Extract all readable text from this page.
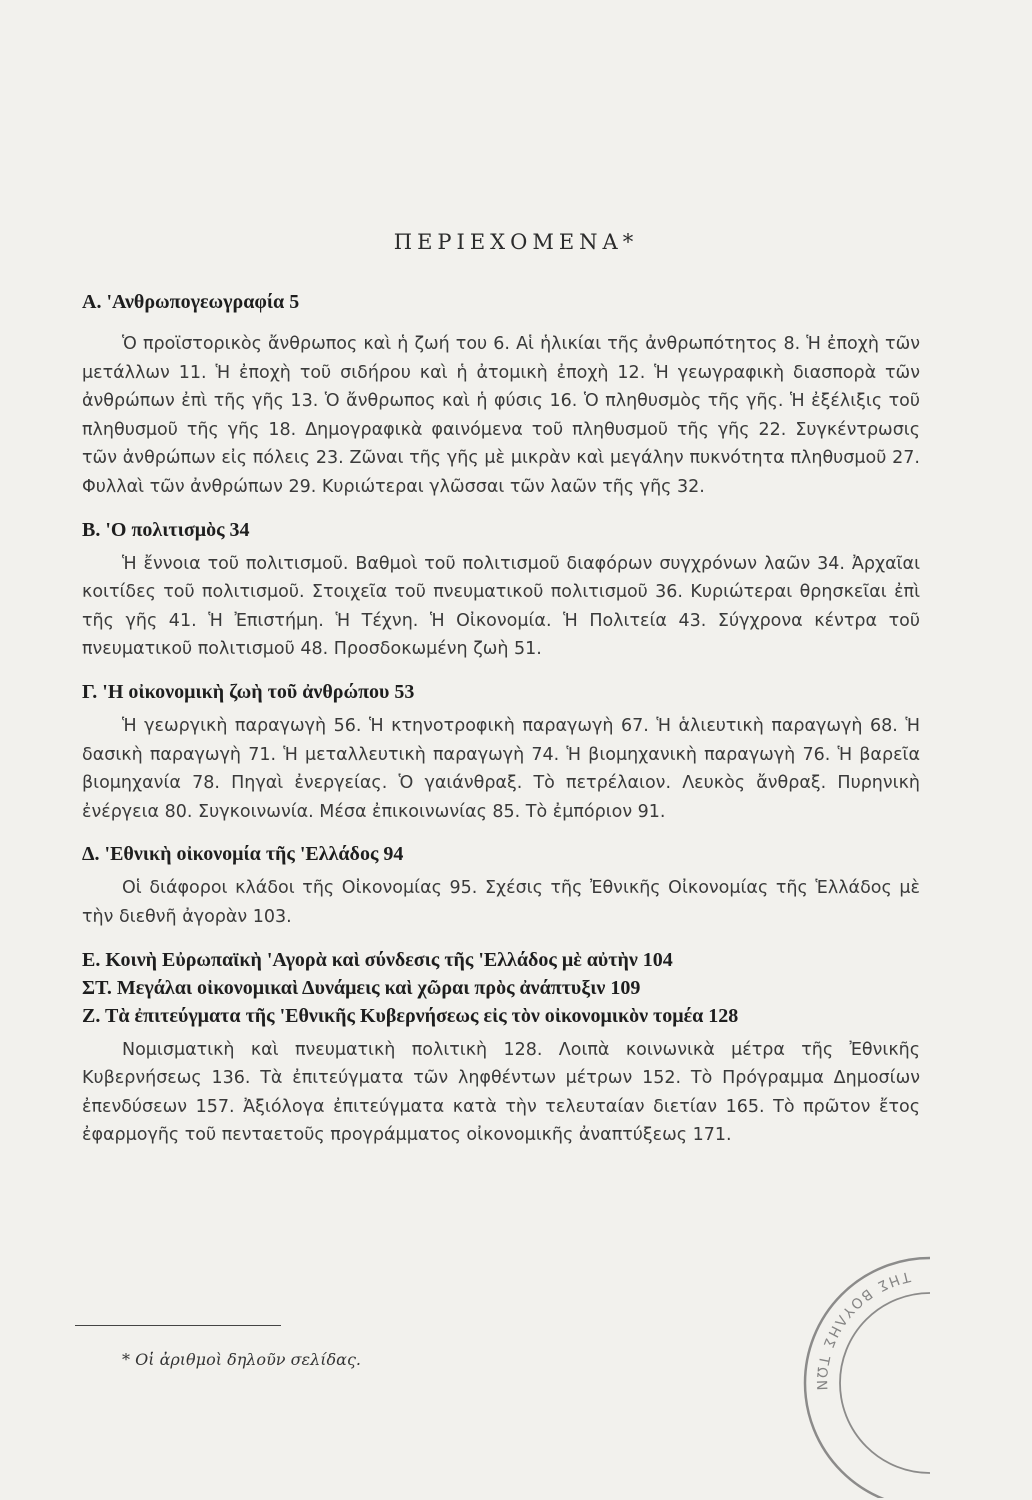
ΠΕΡΙΕΧΟΜΕΝΑ*

Α. 'Ανθρωπογεωγραφία 5

Ὁ προϊστορικὸς ἄνθρωπος καὶ ἡ ζωή του 6. Αἱ ἡλικίαι τῆς ἀνθρωπότητος 8. Ἡ ἐποχὴ τῶν μετάλλων 11. Ἡ ἐποχὴ τοῦ σιδήρου καὶ ἡ ἀτομικὴ ἐποχὴ 12. Ἡ γεωγραφικὴ διασπορὰ τῶν ἀνθρώπων ἐπὶ τῆς γῆς 13. Ὁ ἄνθρωπος καὶ ἡ φύσις 16. Ὁ πληθυσμὸς τῆς γῆς. Ἡ ἐξέλιξις τοῦ πληθυσμοῦ τῆς γῆς 18. Δημογραφικὰ φαινόμενα τοῦ πληθυσμοῦ τῆς γῆς 22. Συγκέντρωσις τῶν ἀνθρώπων εἰς πόλεις 23. Ζῶναι τῆς γῆς μὲ μικρὰν καὶ μεγάλην πυκνότητα πληθυσμοῦ 27. Φυλλαὶ τῶν ἀνθρώπων 29. Κυριώτεραι γλῶσσαι τῶν λαῶν τῆς γῆς 32.

Β. 'Ο πολιτισμὸς 34

Ἡ ἔννοια τοῦ πολιτισμοῦ. Βαθμοὶ τοῦ πολιτισμοῦ διαφόρων συγχρόνων λαῶν 34. Ἀρχαῖαι κοιτίδες τοῦ πολιτισμοῦ. Στοιχεῖα τοῦ πνευματικοῦ πολιτισμοῦ 36. Κυριώτεραι θρησκεῖαι ἐπὶ τῆς γῆς 41. Ἡ Ἐπιστήμη. Ἡ Τέχνη. Ἡ Οἰκονομία. Ἡ Πολιτεία 43. Σύγχρονα κέντρα τοῦ πνευματικοῦ πολιτισμοῦ 48. Προσδοκωμένη ζωὴ 51.

Γ. 'Η οἰκονομικὴ ζωὴ τοῦ ἀνθρώπου 53

Ἡ γεωργικὴ παραγωγὴ 56. Ἡ κτηνοτροφικὴ παραγωγὴ 67. Ἡ ἁλιευτικὴ παραγωγὴ 68. Ἡ δασικὴ παραγωγὴ 71. Ἡ μεταλλευτικὴ παραγωγὴ 74. Ἡ βιομηχανικὴ παραγωγὴ 76. Ἡ βαρεῖα βιομηχανία 78. Πηγαὶ ἐνεργείας. Ὁ γαιάνθραξ. Τὸ πετρέλαιον. Λευκὸς ἄνθραξ. Πυρηνικὴ ἐνέργεια 80. Συγκοινωνία. Μέσα ἐπικοινωνίας 85. Τὸ ἐμπόριον 91.

Δ. 'Εθνικὴ οἰκονομία τῆς 'Ελλάδος 94

Οἱ διάφοροι κλάδοι τῆς Οἰκονομίας 95. Σχέσις τῆς Ἐθνικῆς Οἰκονομίας τῆς Ἑλλάδος μὲ τὴν διεθνῆ ἀγορὰν 103.

Ε. Κοινὴ Εὐρωπαϊκὴ 'Αγορὰ καὶ σύνδεσις τῆς 'Ελλάδος μὲ αὐτὴν 104

ΣΤ. Μεγάλαι οἰκονομικαὶ Δυνάμεις καὶ χῶραι πρὸς ἀνάπτυξιν 109

Ζ. Τὰ ἐπιτεύγματα τῆς 'Εθνικῆς Κυβερνήσεως εἰς τὸν οἰκονομικὸν τομέα 128

Νομισματικὴ καὶ πνευματικὴ πολιτικὴ 128. Λοιπὰ κοινωνικὰ μέτρα τῆς Ἐθνικῆς Κυβερνήσεως 136. Τὰ ἐπιτεύγματα τῶν ληφθέντων μέτρων 152. Τὸ Πρόγραμμα Δημοσίων ἐπενδύσεων 157. Ἀξιόλογα ἐπιτεύγματα κατὰ τὴν τελευταίαν διετίαν 165. Τὸ πρῶτον ἔτος ἐφαρμογῆς τοῦ πενταετοῦς προγράμματος οἰκονομικῆς ἀναπτύξεως 171.

* Οἱ ἀριθμοὶ δηλοῦν σελίδας.
ΤΗΣ ΒΟΥΛΗΣ ΤΩΝ
